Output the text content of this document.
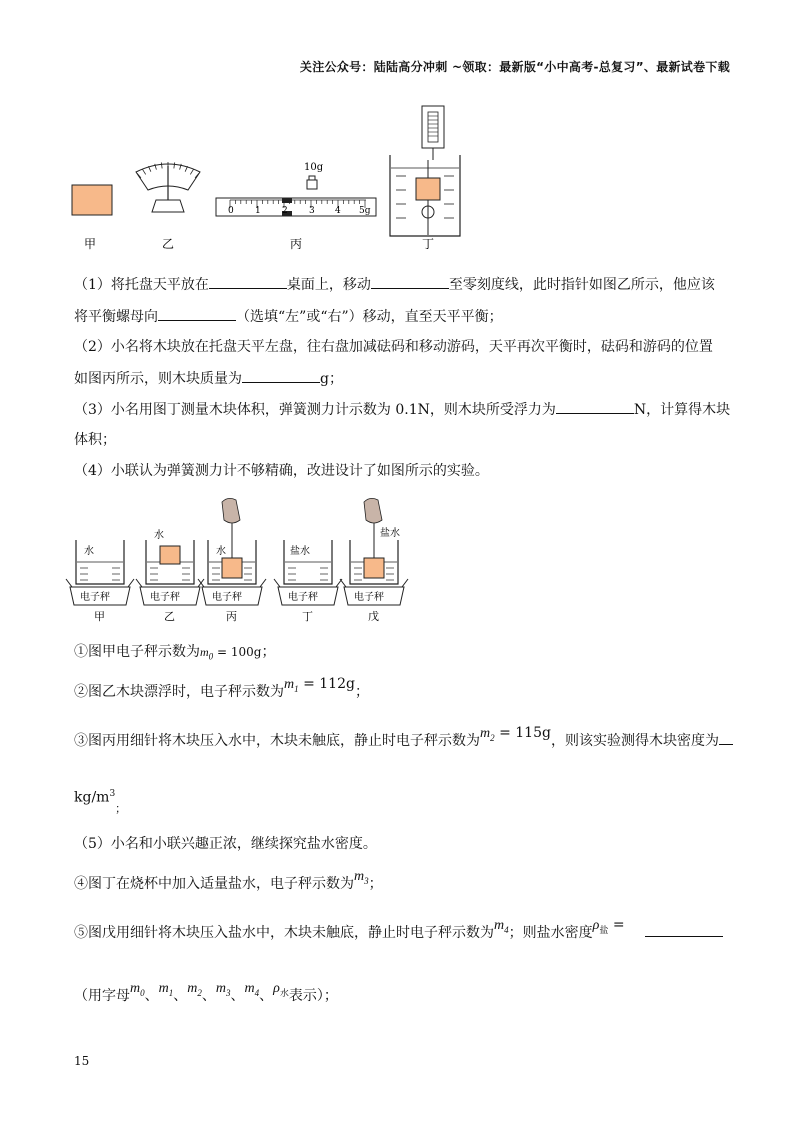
关注公众号：陆陆高分冲刺 ~领取：最新版“小中高考-总复习”、最新试卷下载
10g
0 1 2 3 4 5g
甲	乙	丙	丁
（1）将托盘天平放在	桌面上，移动	至零刻度线，此时指针如图乙所示，他应该
将平衡螺母向	（选填“左”或“右”）移动，直至天平平衡；
（2）小名将木块放在托盘天平左盘，往右盘加减砝码和移动游码，天平再次平衡时，砝码和游码的位置
如图丙所示，则木块质量为	g；
（3）小名用图丁测量木块体积，弹簧测力计示数为 0.1N，则木块所受浮力为	N，计算得木块
体积；
（4）小联认为弹簧测力计不够精确，改进设计了如图所示的实验。
电子秤
甲
水
电子秤
乙
水
电子秤
丙
水
电子秤
丁
盐水
电子秤
戊
盐水
①图甲电子秤示数为$m_0 = 100g$；
②图乙木块漂浮时，电子秤示数为$m_1 = 112g$；
③图丙用细针将木块压入水中，木块未触底，静止时电子秤示数为$m_2 = 115g$，则该实验测得木块密度为
$kg/m^3_;$
（5）小名和小联兴趣正浓，继续探究盐水密度。
④图丁在烧杯中加入适量盐水，电子秤示数为$m_3$；
⑤图戊用细针将木块压入盐水中，木块未触底，静止时电子秤示数为$m_4$；则盐水密度$\rho_盐$ =
（用字母$m_0$、$m_1$、$m_2$、$m_3$、$m_4$、$\rho_水$表示）；
15
